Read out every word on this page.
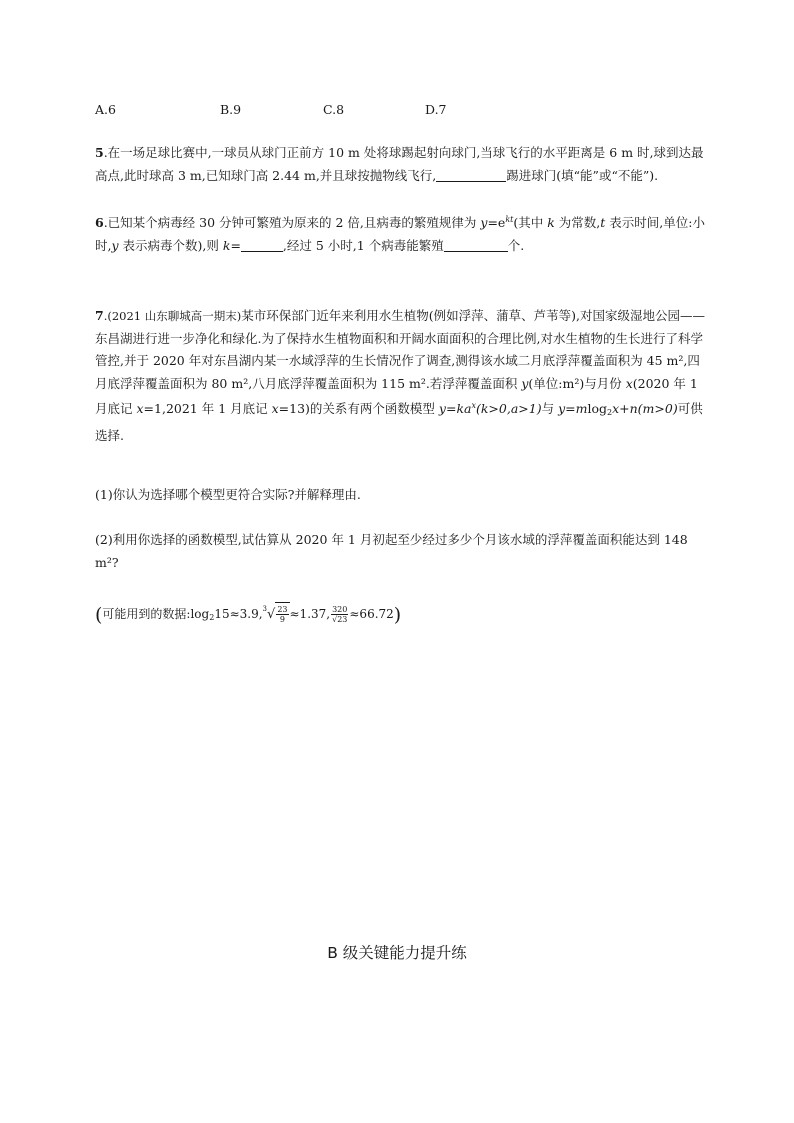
A.6	B.9	C.8	D.7
5.在一场足球比赛中,一球员从球门正前方 10 m 处将球踢起射向球门,当球飞行的水平距离是 6 m 时,球到达最高点,此时球高 3 m,已知球门高 2.44 m,并且球按抛物线飞行,	踢进球门(填“能”或“不能”).
6.已知某个病毒经 30 分钟可繁殖为原来的 2 倍,且病毒的繁殖规律为 $y=e^{kt}$(其中 k 为常数,t 表示时间,单位:小时,y 表示病毒个数),则 k=	,经过 5 小时,1 个病毒能繁殖	个.
7.(2021 山东聊城高一期末)某市环保部门近年来利用水生植物(例如浮萍、蒲草、芦苇等),对国家级湿地公园——东昌湖进行进一步净化和绿化.为了保持水生植物面积和开阔水面面积的合理比例,对水生植物的生长进行了科学管控,并于 2020 年对东昌湖内某一水域浮萍的生长情况作了调查,测得该水域二月底浮萍覆盖面积为 45 m²,四月底浮萍覆盖面积为 80 m²,八月底浮萍覆盖面积为 115 m².若浮萍覆盖面积 y(单位:m²)与月份 x(2020 年 1 月底记 x=1,2021 年 1 月底记 x=13)的关系有两个函数模型 $y=ka^x(k>0,a>1)$与 y=mlog$_2$x+n(m>0)可供选择.
(1)你认为选择哪个模型更符合实际?并解释理由.
(2)利用你选择的函数模型,试估算从 2020 年 1 月初起至少经过多少个月该水域的浮萍覆盖面积能达到 148 m²?
(可能用到的数据$:\log_215\approx 3.9,^3√ \frac{23}{9} \approx 1.37$, $\frac{320}{√23} \approx 66.72$)
B 级关键能力提升练
